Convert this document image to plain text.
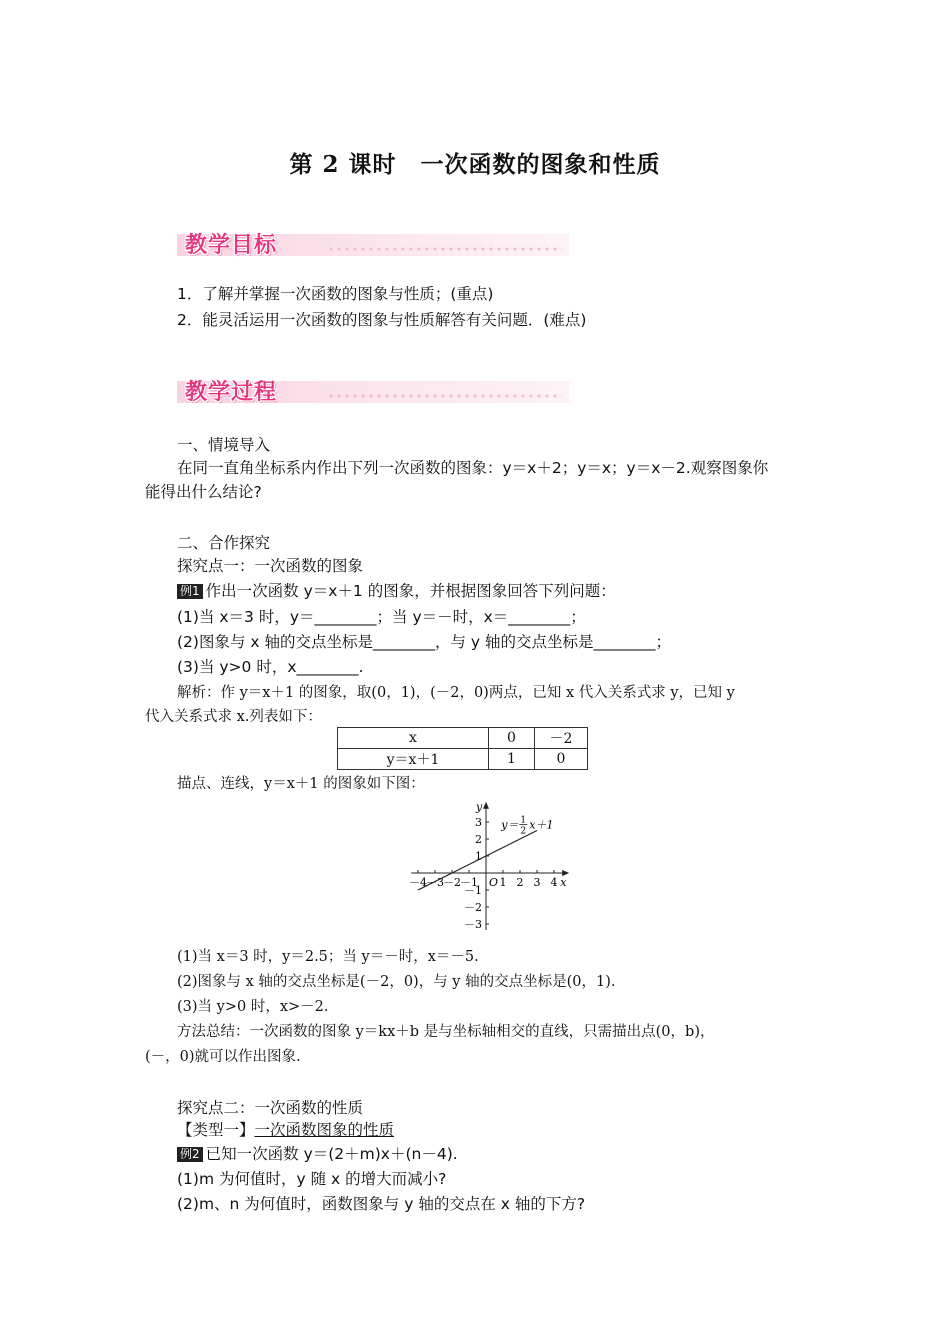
第 2 课时　一次函数的图象和性质
教学目标
1．了解并掌握一次函数的图象与性质；(重点)
2．能灵活运用一次函数的图象与性质解答有关问题．(难点)
教学过程
一、情境导入
在同一直角坐标系内作出下列一次函数的图象：y＝x＋2；y＝x；y＝x－2.观察图象你
能得出什么结论?
二、合作探究
探究点一：一次函数的图象
例1 作出一次函数 y＝x＋1 的图象，并根据图象回答下列问题：
(1)当 x＝3 时，y＝________；当 y＝－时，x＝________；
(2)图象与 x 轴的交点坐标是________，与 y 轴的交点坐标是________；
(3)当 y>0 时，x________.
解析：作 y＝x＋1 的图象，取(0，1)，(－2，0)两点，已知 x 代入关系式求 y，已知 y
代入关系式求 x.列表如下：
x	0	－2
y＝x＋1	1	0
描点、连线，y＝x＋1 的图象如下图：
－4 －3 －2 －1 1 2 3 4
3
2
1
－1
－2
－3
O	x
y
y＝ 1
2 x＋1
(1)当 x＝3 时，y＝2.5；当 y＝－时，x＝－5.
(2)图象与 x 轴的交点坐标是(－2，0)，与 y 轴的交点坐标是(0，1).
(3)当 y>0 时，x>－2.
方法总结：一次函数的图象 y＝kx＋b 是与坐标轴相交的直线，只需描出点(0，b)，
(－，0)就可以作出图象.
探究点二：一次函数的性质
【类型一】一次函数图象的性质
例2 已知一次函数 y＝(2＋m)x＋(n－4).
(1)m 为何值时，y 随 x 的增大而减小?
(2)m、n 为何值时，函数图象与 y 轴的交点在 x 轴的下方?
